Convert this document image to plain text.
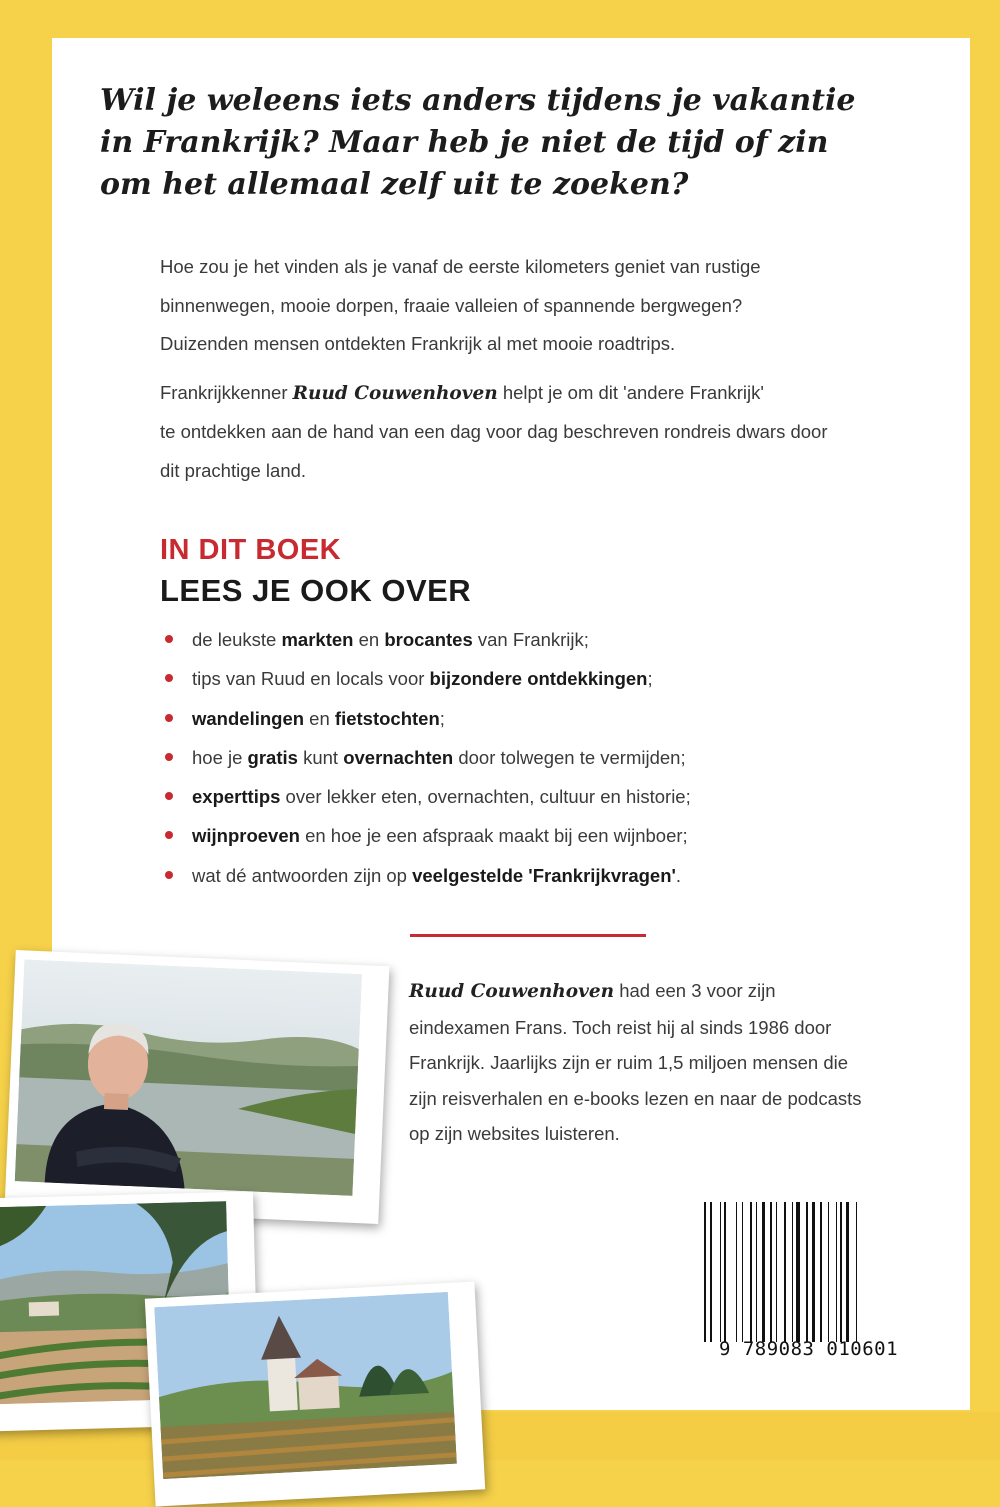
Wil je weleens iets anders tijdens je vakantie
in Frankrijk? Maar heb je niet de tijd of zin
om het allemaal zelf uit te zoeken?

Hoe zou je het vinden als je vanaf de eerste kilometers geniet van rustige
binnenwegen, mooie dorpen, fraaie valleien of spannende bergwegen?
Duizenden mensen ontdekten Frankrijk al met mooie roadtrips.

Frankrijkkenner Ruud Couwenhoven helpt je om dit 'andere Frankrijk'
te ontdekken aan de hand van een dag voor dag beschreven rondreis dwars door
dit prachtige land.

IN DIT BOEK
LEES JE OOK OVER
de leukste markten en brocantes van Frankrijk;
tips van Ruud en locals voor bijzondere ontdekkingen;
wandelingen en fietstochten;
hoe je gratis kunt overnachten door tolwegen te vermijden;
experttips over lekker eten, overnachten, cultuur en historie;
wijnproeven en hoe je een afspraak maakt bij een wijnboer;
wat dé antwoorden zijn op veelgestelde 'Frankrijkvragen'.

Ruud Couwenhoven had een 3 voor zijn
eindexamen Frans. Toch reist hij al sinds 1986 door
Frankrijk. Jaarlijks zijn er ruim 1,5 miljoen mensen die
zijn reisverhalen en e-books lezen en naar de podcasts
op zijn websites luisteren.

9 789083 010601
